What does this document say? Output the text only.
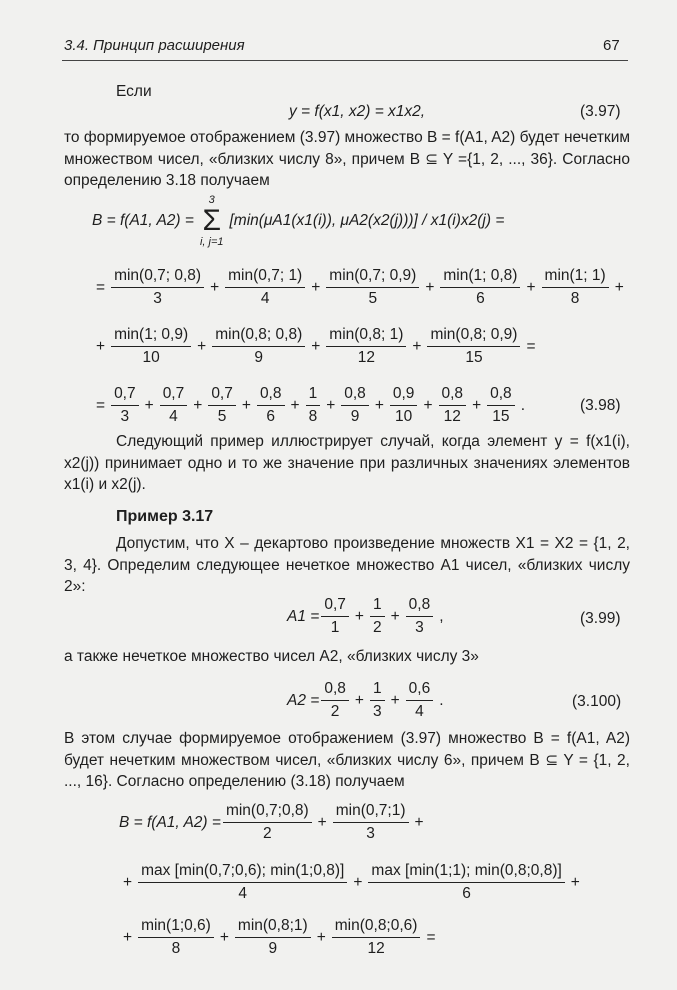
3.4. Принцип расширения	67
Если
y = f(x1, x2) = x1x2,	(3.97)

то формируемое отображением (3.97) множество B = f(A1, A2) будет нечетким множеством чисел, «близких числу 8», причем B ⊆ Y ={1, 2, ..., 36}. Согласно определению 3.18 получаем

B = f(A1, A2) =
3
Σ
i, j=1
[min(μA1(x1(i)), μA2(x2(j)))] / x1(i)x2(j) =
= $\frac{\min(0,7; 0,8)}{3} + \frac{\min(0,7; 1)}{4} + \frac{\min(0,7; 0,9)}{5} + \frac{\min(1; 0,8)}{6} + \frac{\min(1; 1)}{8}$ +
+ $\frac{\min(1; 0,9)}{10} + \frac{\min(0,8; 0,8)}{9} + \frac{\min(0,8; 1)}{12} + \frac{\min(0,8; 0,9)}{15}$ =
= $\frac{0,7}{3} + \frac{0,7}{4} + \frac{0,7}{5} + \frac{0,8}{6} + \frac{1}{8} + \frac{0,8}{9} + \frac{0,9}{10} + \frac{0,8}{12} + \frac{0,8}{15}$ .	(3.98)

Следующий пример иллюстрирует случай, когда элемент y = f(x1(i), x2(j)) принимает одно и то же значение при различных значениях элементов x1(i) и x2(j).

Пример 3.17

Допустим, что X – декартово произведение множеств X1 = X2 = {1, 2, 3, 4}. Определим следующее нечеткое множество A1 чисел, «близких числу 2»:

$A1 = \frac{0,7}{1} + \frac{1}{2} + \frac{0,8}{3}$ ,	(3.99)

а также нечеткое множество чисел A2, «близких числу 3»

$A2 = \frac{0,8}{2} + \frac{1}{3} + \frac{0,6}{4}$ .	(3.100)

В этом случае формируемое отображением (3.97) множество B = f(A1, A2) будет нечетким множеством чисел, «близких числу 6», причем B ⊆ Y = {1, 2, ..., 16}. Согласно определению (3.18) получаем

B = f(A1, $A2) = \frac{\min(0,7;0,8)}{2} + \frac{\min(0,7;1)}{3}$ +
+ $\frac{\max [\min(0,7;0,6); \min(1;0,8)]}{4} + \frac{\max [\min(1;1); \min(0,8;0,8)]}{6}$ +
+ $\frac{\min(1;0,6)}{8} + \frac{\min(0,8;1)}{9} + \frac{\min(0,8;0,6)}{12}$ =
